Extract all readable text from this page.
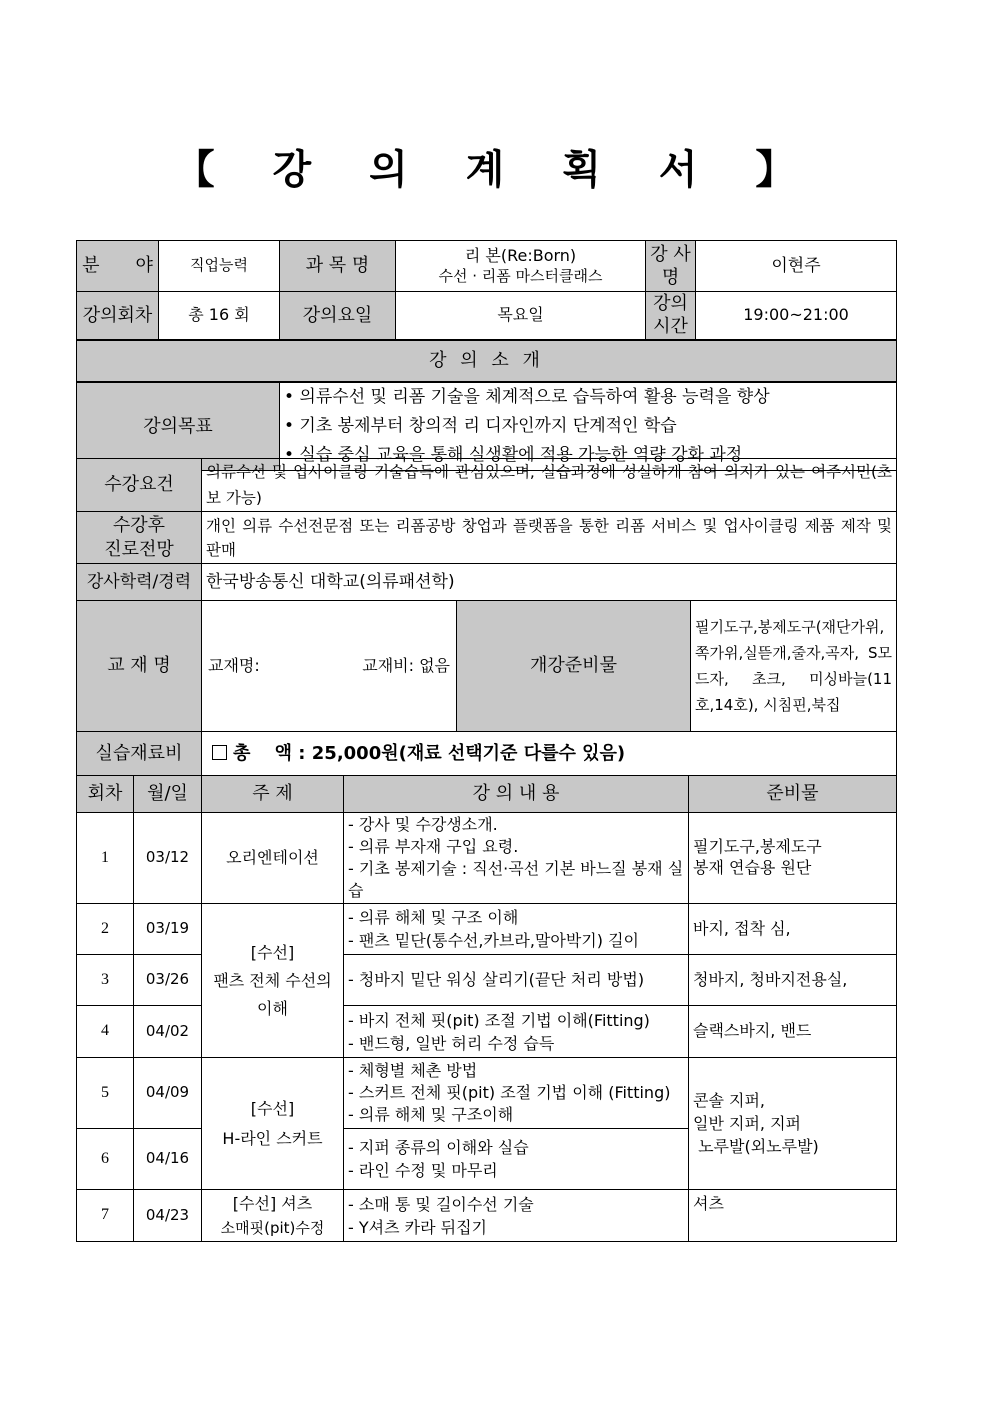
【 강 의 계 획 서 】
분　　야	직업능력	과 목 명	리 본(Re:Born)
수선 · 리폼 마스터클래스	강 사 명	이현주
강의회차	총 16 회	강의요일	목요일	강의시간	19:00~21:00
강 의 소 개					
강의목표		• 의류수선 및 리폼 기술을 체계적으로 습득하여 활용 능력을 향상
• 기초 봉제부터 창의적 리 디자인까지 단계적인 학습
• 실습 중심 교육을 통해 실생활에 적용 가능한 역량 강화 과정			
수강요건	의류수선 및 업사이클링 기술습득에 관심있으며, 실습과정에 성실하게 참여 의지가 있는 여주시민(초보 가능)		

수강후
진로전망	개인 의류 수선전문점 또는 리폼공방 창업과 플랫폼을 통한 리폼 서비스 및 업사이클링 제품 제작 및 판매		
강사학력/경력	한국방송통신 대학교(의류패션학)		
교 재 명	교재명: 교재비: 없음	개강준비물	필기도구,봉제도구(재단가위,쪽가위,실뜯개,줄자,곡자, S모드자, 초크, 미싱바늘(11호,14호), 시침핀,북집
실습재료비	총　 액 : 25,000원(재료 선택기준 다를수 있음)		
회차	월/일	주 제	강 의 내 용	준비물
1	03/12	오리엔테이션	- 강사 및 수강생소개.
- 의류 부자재 구입 요령.
- 기초 봉제기술 : 직선·곡선 기본 바느질 봉재 실습	필기도구,봉제도구
봉재 연습용 원단

2	03/19	[수선]
팬츠 전체 수선의
이해	- 의류 해체 및 구조 이해
- 팬츠 밑단(통수선,카브라,말아박기) 길이	바지, 접착 심,
3	03/26		- 청바지 밑단 워싱 살리기(끝단 처리 방법)	청바지, 청바지전용실,
4	04/02		- 바지 전체 핏(pit) 조절 기법 이해(Fitting)
- 밴드형, 일반 허리 수정 습득	슬랙스바지, 밴드
5	04/09	[수선]
H-라인 스커트	- 체형별 체촌 방법
- 스커트 전체 핏(pit) 조절 기법 이해 (Fitting)
- 의류 해체 및 구조이해	콘솔 지퍼,
일반 지퍼, 지퍼
노루발(외노루발)

6	04/16		- 지퍼 종류의 이해와 실습
- 라인 수정 및 마무리	

7	04/23	[수선] 셔츠
소매핏(pit)수정	- 소매 통 및 길이수선 기술
- Y셔츠 카라 뒤집기	셔츠
